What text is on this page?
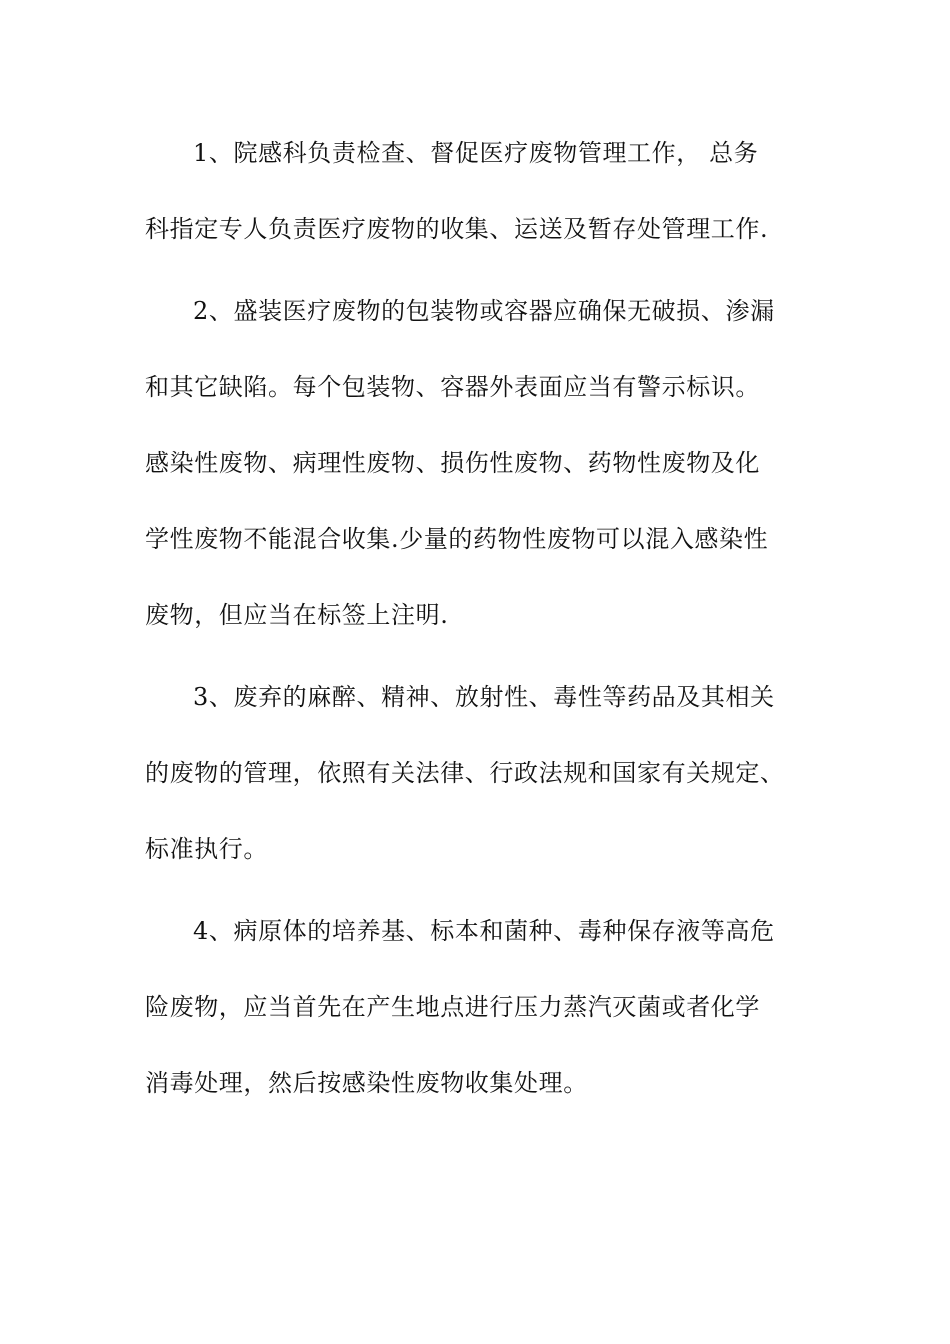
1、院感科负责检查、督促医疗废物管理工作， 总务
科指定专人负责医疗废物的收集、运送及暂存处管理工作.
2、盛装医疗废物的包装物或容器应确保无破损、渗漏
和其它缺陷。每个包装物、容器外表面应当有警示标识。
感染性废物、病理性废物、损伤性废物、药物性废物及化
学性废物不能混合收集.少量的药物性废物可以混入感染性
废物，但应当在标签上注明.
3、废弃的麻醉、精神、放射性、毒性等药品及其相关
的废物的管理，依照有关法律、行政法规和国家有关规定、
标准执行。
4、病原体的培养基、标本和菌种、毒种保存液等高危
险废物，应当首先在产生地点进行压力蒸汽灭菌或者化学
消毒处理，然后按感染性废物收集处理。
